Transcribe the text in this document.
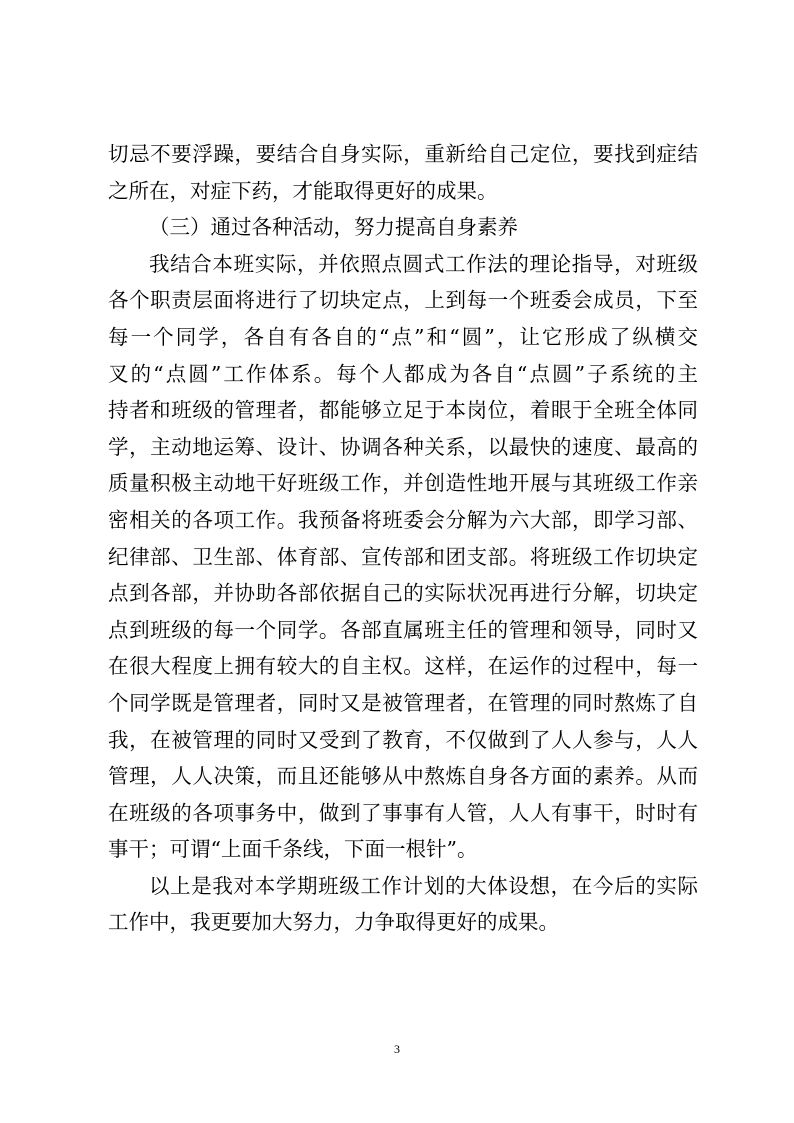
切忌不要浮躁，要结合自身实际，重新给自己定位，要找到症结
之所在，对症下药，才能取得更好的成果。
（三）通过各种活动，努力提高自身素养
我结合本班实际，并依照点圆式工作法的理论指导，对班级
各个职责层面将进行了切块定点，上到每一个班委会成员，下至
每一个同学，各自有各自的“点”和“圆”，让它形成了纵横交
叉的“点圆”工作体系。每个人都成为各自“点圆”子系统的主
持者和班级的管理者，都能够立足于本岗位，着眼于全班全体同
学，主动地运筹、设计、协调各种关系，以最快的速度、最高的
质量积极主动地干好班级工作，并创造性地开展与其班级工作亲
密相关的各项工作。我预备将班委会分解为六大部，即学习部、
纪律部、卫生部、体育部、宣传部和团支部。将班级工作切块定
点到各部，并协助各部依据自己的实际状况再进行分解，切块定
点到班级的每一个同学。各部直属班主任的管理和领导，同时又
在很大程度上拥有较大的自主权。这样，在运作的过程中，每一
个同学既是管理者，同时又是被管理者，在管理的同时熬炼了自
我，在被管理的同时又受到了教育，不仅做到了人人参与，人人
管理，人人决策，而且还能够从中熬炼自身各方面的素养。从而
在班级的各项事务中，做到了事事有人管，人人有事干，时时有
事干；可谓“上面千条线，下面一根针”。
以上是我对本学期班级工作计划的大体设想，在今后的实际
工作中，我更要加大努力，力争取得更好的成果。
3
